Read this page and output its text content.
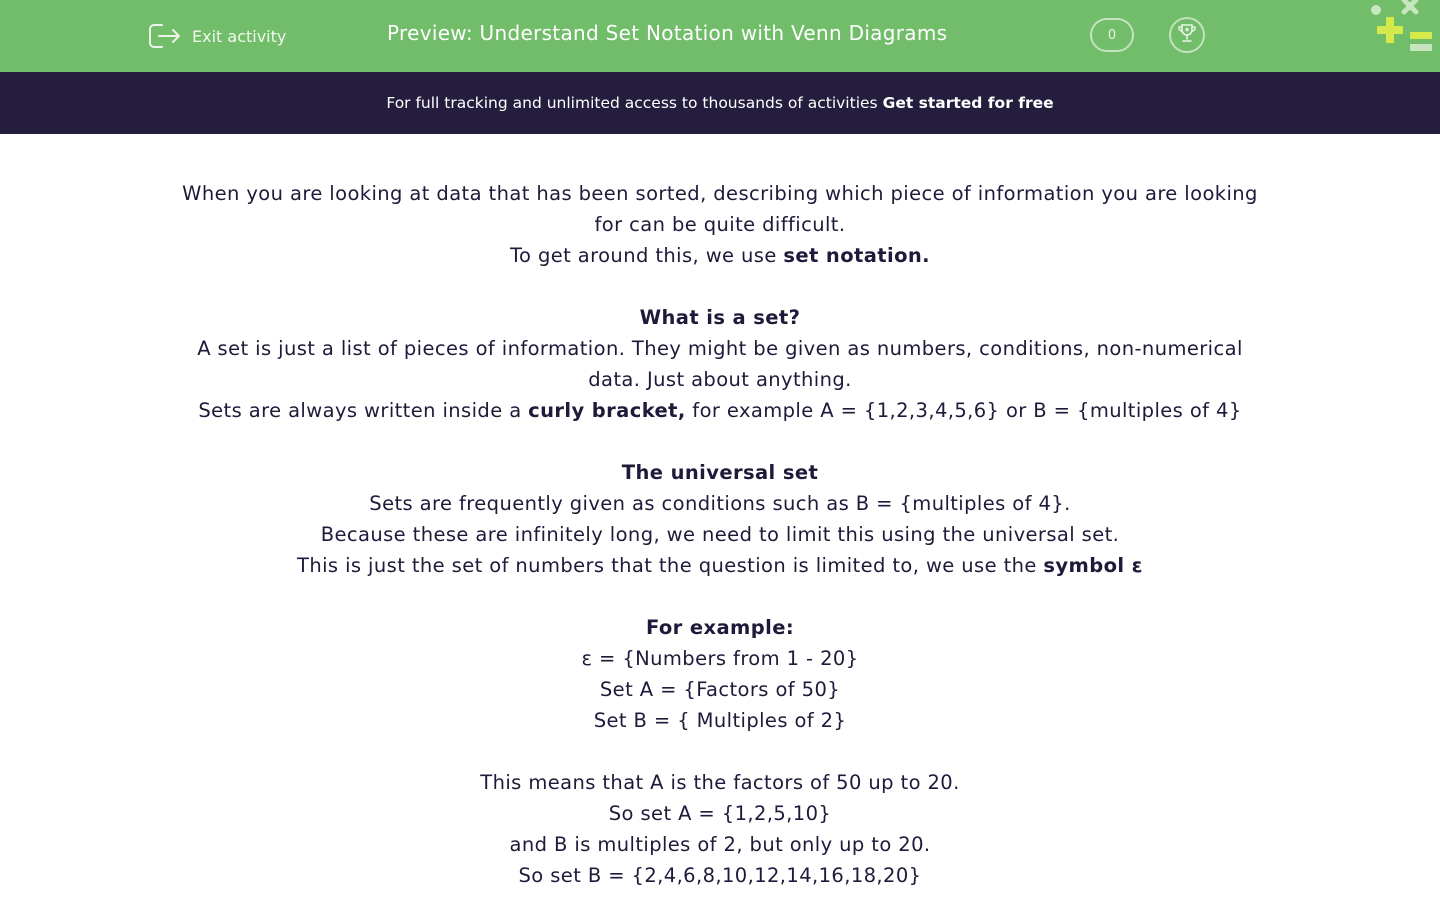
Exit activity	Preview: Understand Set Notation with Venn Diagrams	0
For full tracking and unlimited access to thousands of activities Get started for free

When you are looking at data that has been sorted, describing which piece of information you are looking

for can be quite difficult.

To get around this, we use set notation.

What is a set?

A set is just a list of pieces of information. They might be given as numbers, conditions, non-numerical

data. Just about anything.

Sets are always written inside a curly bracket, for example A = {1,2,3,4,5,6} or B = {multiples of 4}

The universal set

Sets are frequently given as conditions such as B = {multiples of 4}.

Because these are infinitely long, we need to limit this using the universal set.

This is just the set of numbers that the question is limited to, we use the symbol ε

For example:

ε = {Numbers from 1 - 20}

Set A = {Factors of 50}

Set B = { Multiples of 2}

This means that A is the factors of 50 up to 20.

So set A = {1,2,5,10}

and B is multiples of 2, but only up to 20.

So set B = {2,4,6,8,10,12,14,16,18,20}
